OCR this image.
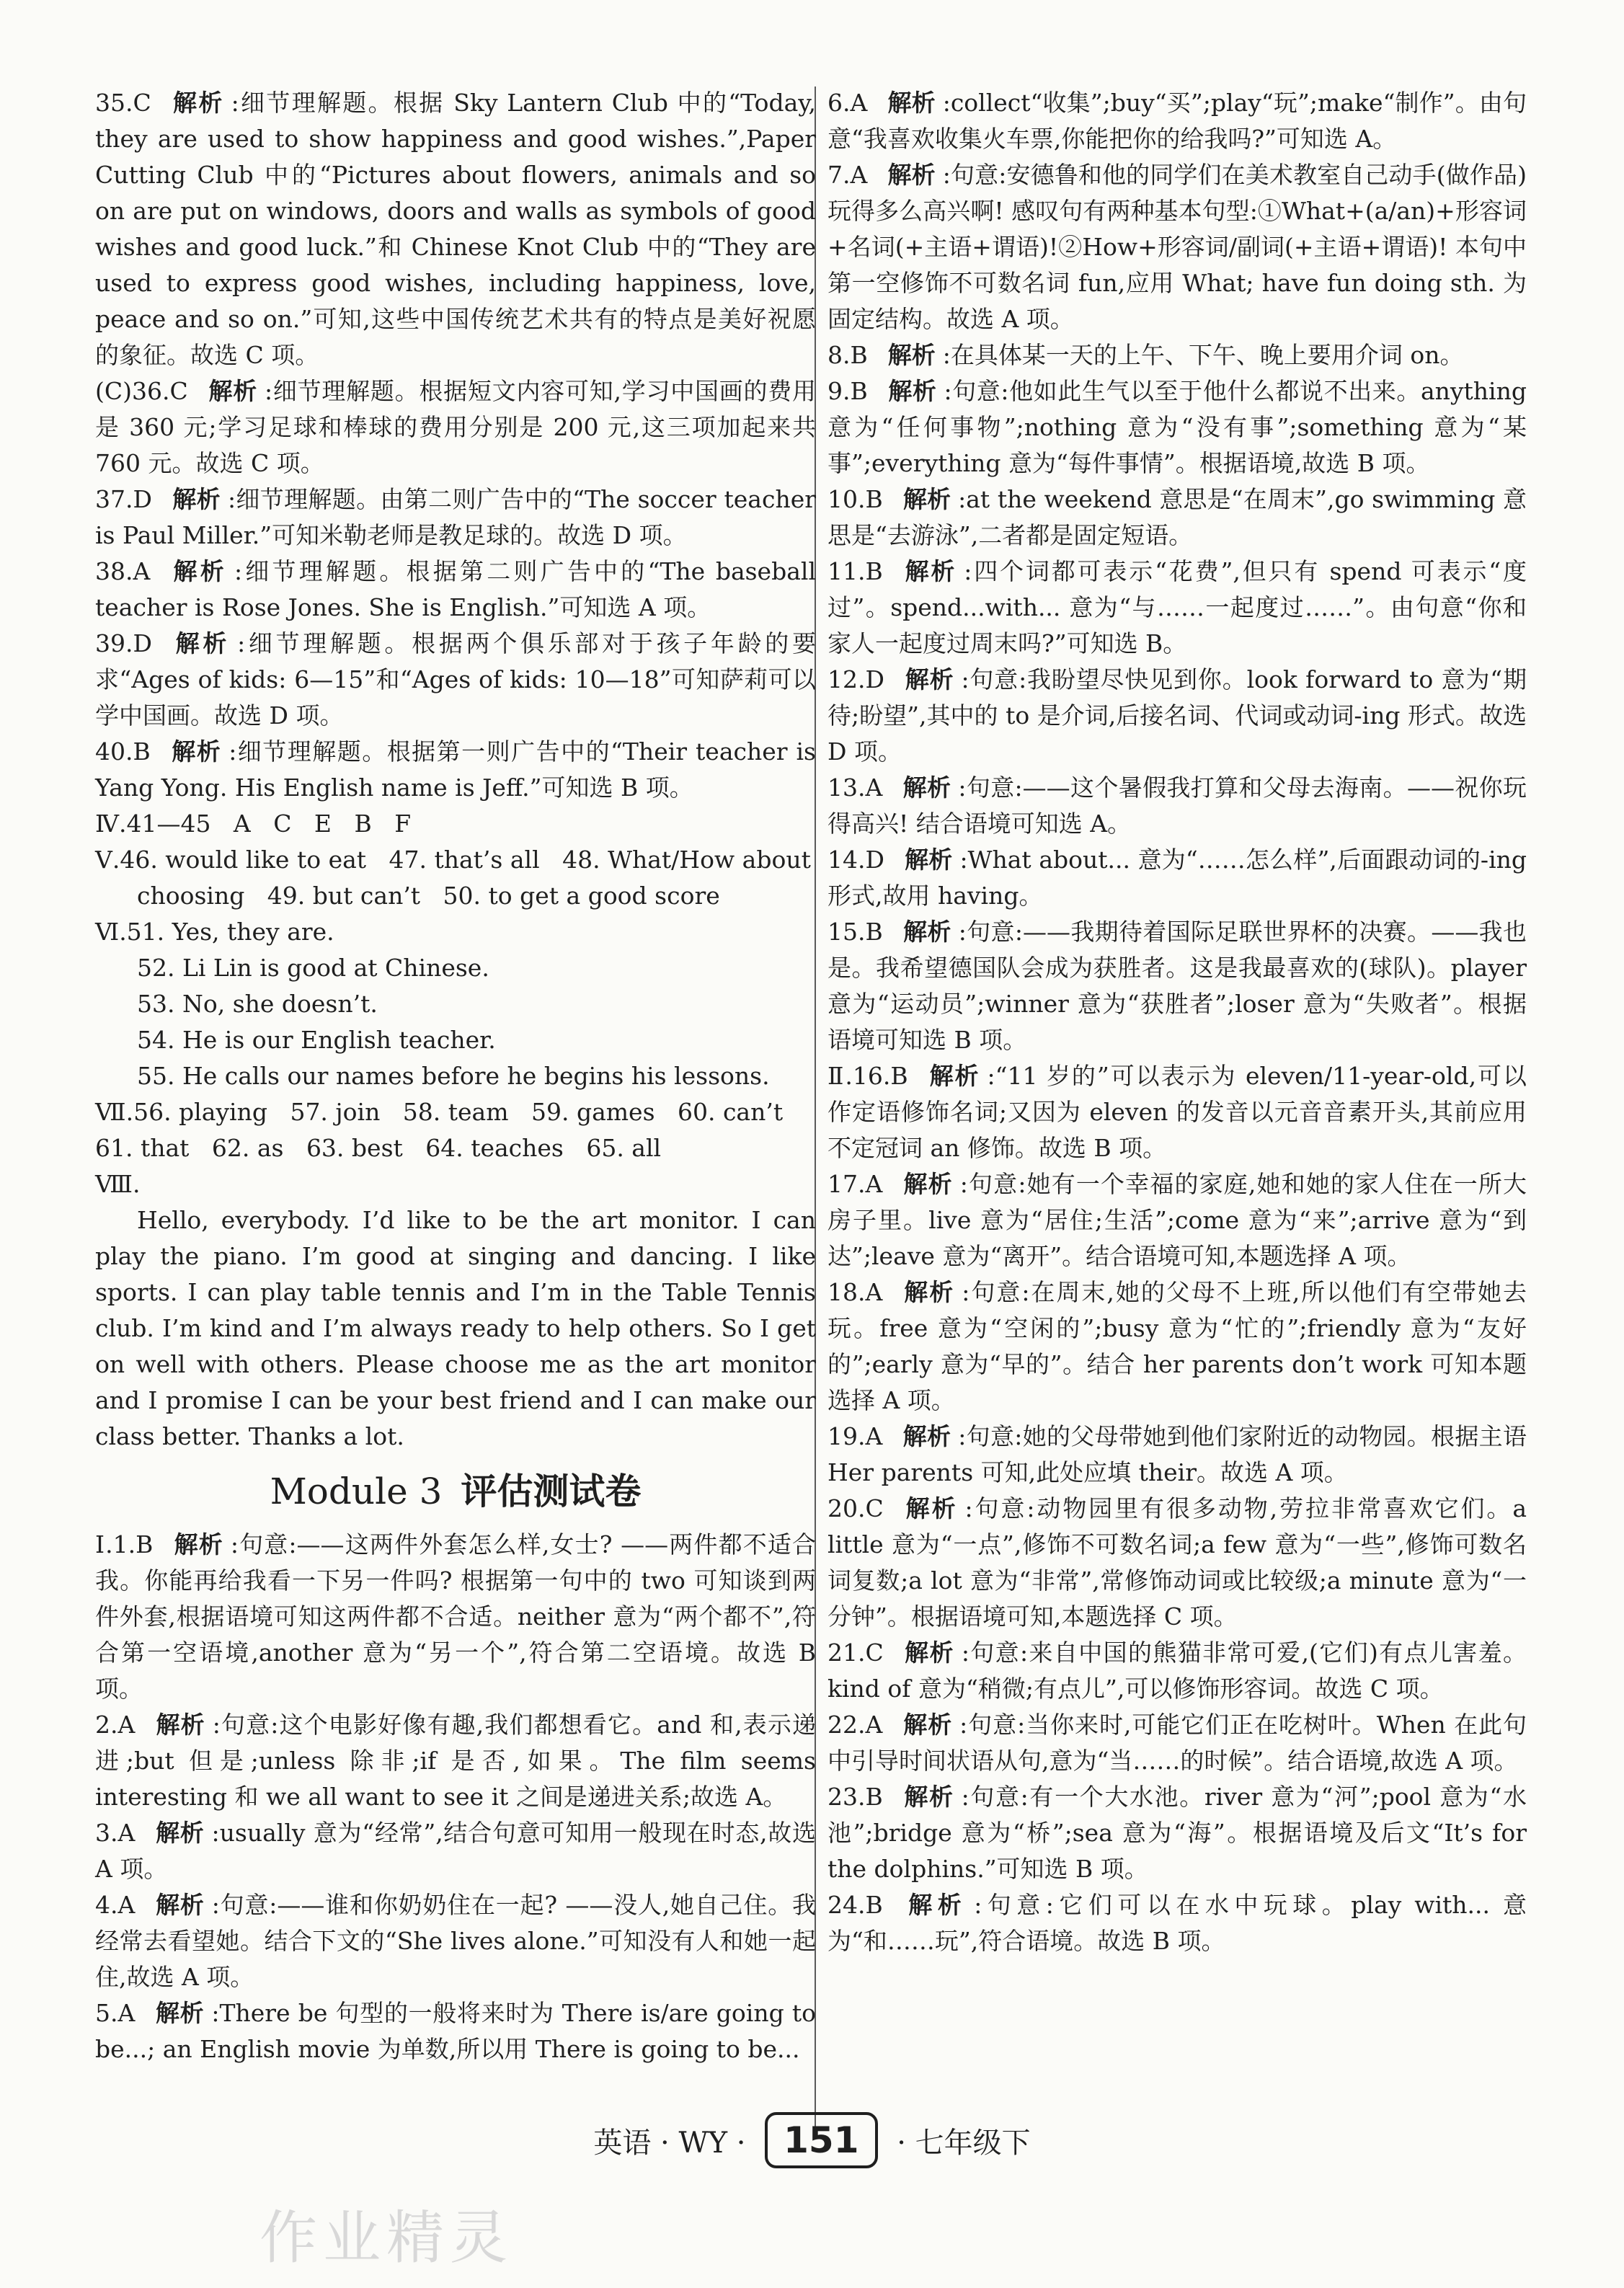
35.C 解析 :细节理解题。根据 Sky Lantern Club 中的“Today, they are used to show happiness and good wishes.”,Paper Cutting Club 中的“Pictures about flowers, animals and so on are put on windows, doors and walls as symbols of good wishes and good luck.”和 Chinese Knot Club 中的“They are used to express good wishes, including happiness, love, peace and so on.”可知,这些中国传统艺术共有的特点是美好祝愿的象征。故选 C 项。

(C)36.C 解析 :细节理解题。根据短文内容可知,学习中国画的费用是 360 元;学习足球和棒球的费用分别是 200 元,这三项加起来共 760 元。故选 C 项。

37.D 解析 :细节理解题。由第二则广告中的“The soccer teacher is Paul Miller.”可知米勒老师是教足球的。故选 D 项。

38.A 解析 :细节理解题。根据第二则广告中的“The baseball teacher is Rose Jones. She is English.”可知选 A 项。

39.D 解析 :细节理解题。根据两个俱乐部对于孩子年龄的要求“Ages of kids: 6—15”和“Ages of kids: 10—18”可知萨莉可以学中国画。故选 D 项。

40.B 解析 :细节理解题。根据第一则广告中的“Their teacher is Yang Yong. His English name is Jeff.”可知选 B 项。

Ⅳ.41—45   A   C   E   B   F

Ⅴ.46. would like to eat   47. that’s all   48. What/How about

choosing   49. but can’t   50. to get a good score

Ⅵ.51. Yes, they are.

52. Li Lin is good at Chinese.

53. No, she doesn’t.

54. He is our English teacher.

55. He calls our names before he begins his lessons.

Ⅶ.56. playing   57. join   58. team   59. games   60. can’t

61. that   62. as   63. best   64. teaches   65. all

Ⅷ.

Hello, everybody. I’d like to be the art monitor. I can play the piano. I’m good at singing and dancing. I like sports. I can play table tennis and I’m in the Table Tennis club. I’m kind and I’m always ready to help others. So I get on well with others. Please choose me as the art monitor and I promise I can be your best friend and I can make our class better. Thanks a lot.

Module 3 评估测试卷

Ⅰ.1.B 解析 :句意:——这两件外套怎么样,女士? ——两件都不适合我。你能再给我看一下另一件吗? 根据第一句中的 two 可知谈到两件外套,根据语境可知这两件都不合适。neither 意为“两个都不”,符合第一空语境,another 意为“另一个”,符合第二空语境。故选 B 项。

2.A 解析 :句意:这个电影好像有趣,我们都想看它。and 和,表示递进;but 但是;unless 除非;if 是否,如果。The film seems interesting 和 we all want to see it 之间是递进关系;故选 A。

3.A 解析 :usually 意为“经常”,结合句意可知用一般现在时态,故选 A 项。

4.A 解析 :句意:——谁和你奶奶住在一起? ——没人,她自己住。我经常去看望她。结合下文的“She lives alone.”可知没有人和她一起住,故选 A 项。

5.A 解析 :There be 句型的一般将来时为 There is/are going to be...; an English movie 为单数,所以用 There is going to be...

6.A 解析 :collect“收集”;buy“买”;play“玩”;make“制作”。由句意“我喜欢收集火车票,你能把你的给我吗?”可知选 A。

7.A 解析 :句意:安德鲁和他的同学们在美术教室自己动手(做作品)玩得多么高兴啊! 感叹句有两种基本句型:①What+(a/an)+形容词+名词(+主语+谓语)!②How+形容词/副词(+主语+谓语)! 本句中第一空修饰不可数名词 fun,应用 What; have fun doing sth. 为固定结构。故选 A 项。

8.B 解析 :在具体某一天的上午、下午、晚上要用介词 on。

9.B 解析 :句意:他如此生气以至于他什么都说不出来。anything 意为“任何事物”;nothing 意为“没有事”;something 意为“某事”;everything 意为“每件事情”。根据语境,故选 B 项。

10.B 解析 :at the weekend 意思是“在周末”,go swimming 意思是“去游泳”,二者都是固定短语。

11.B 解析 :四个词都可表示“花费”,但只有 spend 可表示“度过”。spend...with... 意为“与……一起度过……”。由句意“你和家人一起度过周末吗?”可知选 B。

12.D 解析 :句意:我盼望尽快见到你。look forward to 意为“期待;盼望”,其中的 to 是介词,后接名词、代词或动词-ing 形式。故选 D 项。

13.A 解析 :句意:——这个暑假我打算和父母去海南。——祝你玩得高兴! 结合语境可知选 A。

14.D 解析 :What about... 意为“……怎么样”,后面跟动词的-ing形式,故用 having。

15.B 解析 :句意:——我期待着国际足联世界杯的决赛。——我也是。我希望德国队会成为获胜者。这是我最喜欢的(球队)。player 意为“运动员”;winner 意为“获胜者”;loser 意为“失败者”。根据语境可知选 B 项。

Ⅱ.16.B 解析 :“11 岁的”可以表示为 eleven/11-year-old,可以作定语修饰名词;又因为 eleven 的发音以元音音素开头,其前应用不定冠词 an 修饰。故选 B 项。

17.A 解析 :句意:她有一个幸福的家庭,她和她的家人住在一所大房子里。live 意为“居住;生活”;come 意为“来”;arrive 意为“到达”;leave 意为“离开”。结合语境可知,本题选择 A 项。

18.A 解析 :句意:在周末,她的父母不上班,所以他们有空带她去玩。free 意为“空闲的”;busy 意为“忙的”;friendly 意为“友好的”;early 意为“早的”。结合 her parents don’t work 可知本题选择 A 项。

19.A 解析 :句意:她的父母带她到他们家附近的动物园。根据主语 Her parents 可知,此处应填 their。故选 A 项。

20.C 解析 :句意:动物园里有很多动物,劳拉非常喜欢它们。a little 意为“一点”,修饰不可数名词;a few 意为“一些”,修饰可数名词复数;a lot 意为“非常”,常修饰动词或比较级;a minute 意为“一分钟”。根据语境可知,本题选择 C 项。

21.C 解析 :句意:来自中国的熊猫非常可爱,(它们)有点儿害羞。kind of 意为“稍微;有点儿”,可以修饰形容词。故选 C 项。

22.A 解析 :句意:当你来时,可能它们正在吃树叶。When 在此句中引导时间状语从句,意为“当……的时候”。结合语境,故选 A 项。

23.B 解析 :句意:有一个大水池。river 意为“河”;pool 意为“水池”;bridge 意为“桥”;sea 意为“海”。根据语境及后文“It’s for the dolphins.”可知选 B 项。

24.B 解析 :句意:它们可以在水中玩球。play with... 意为“和……玩”,符合语境。故选 B 项。

英语 · WY · 151 · 七年级下
作业精灵
